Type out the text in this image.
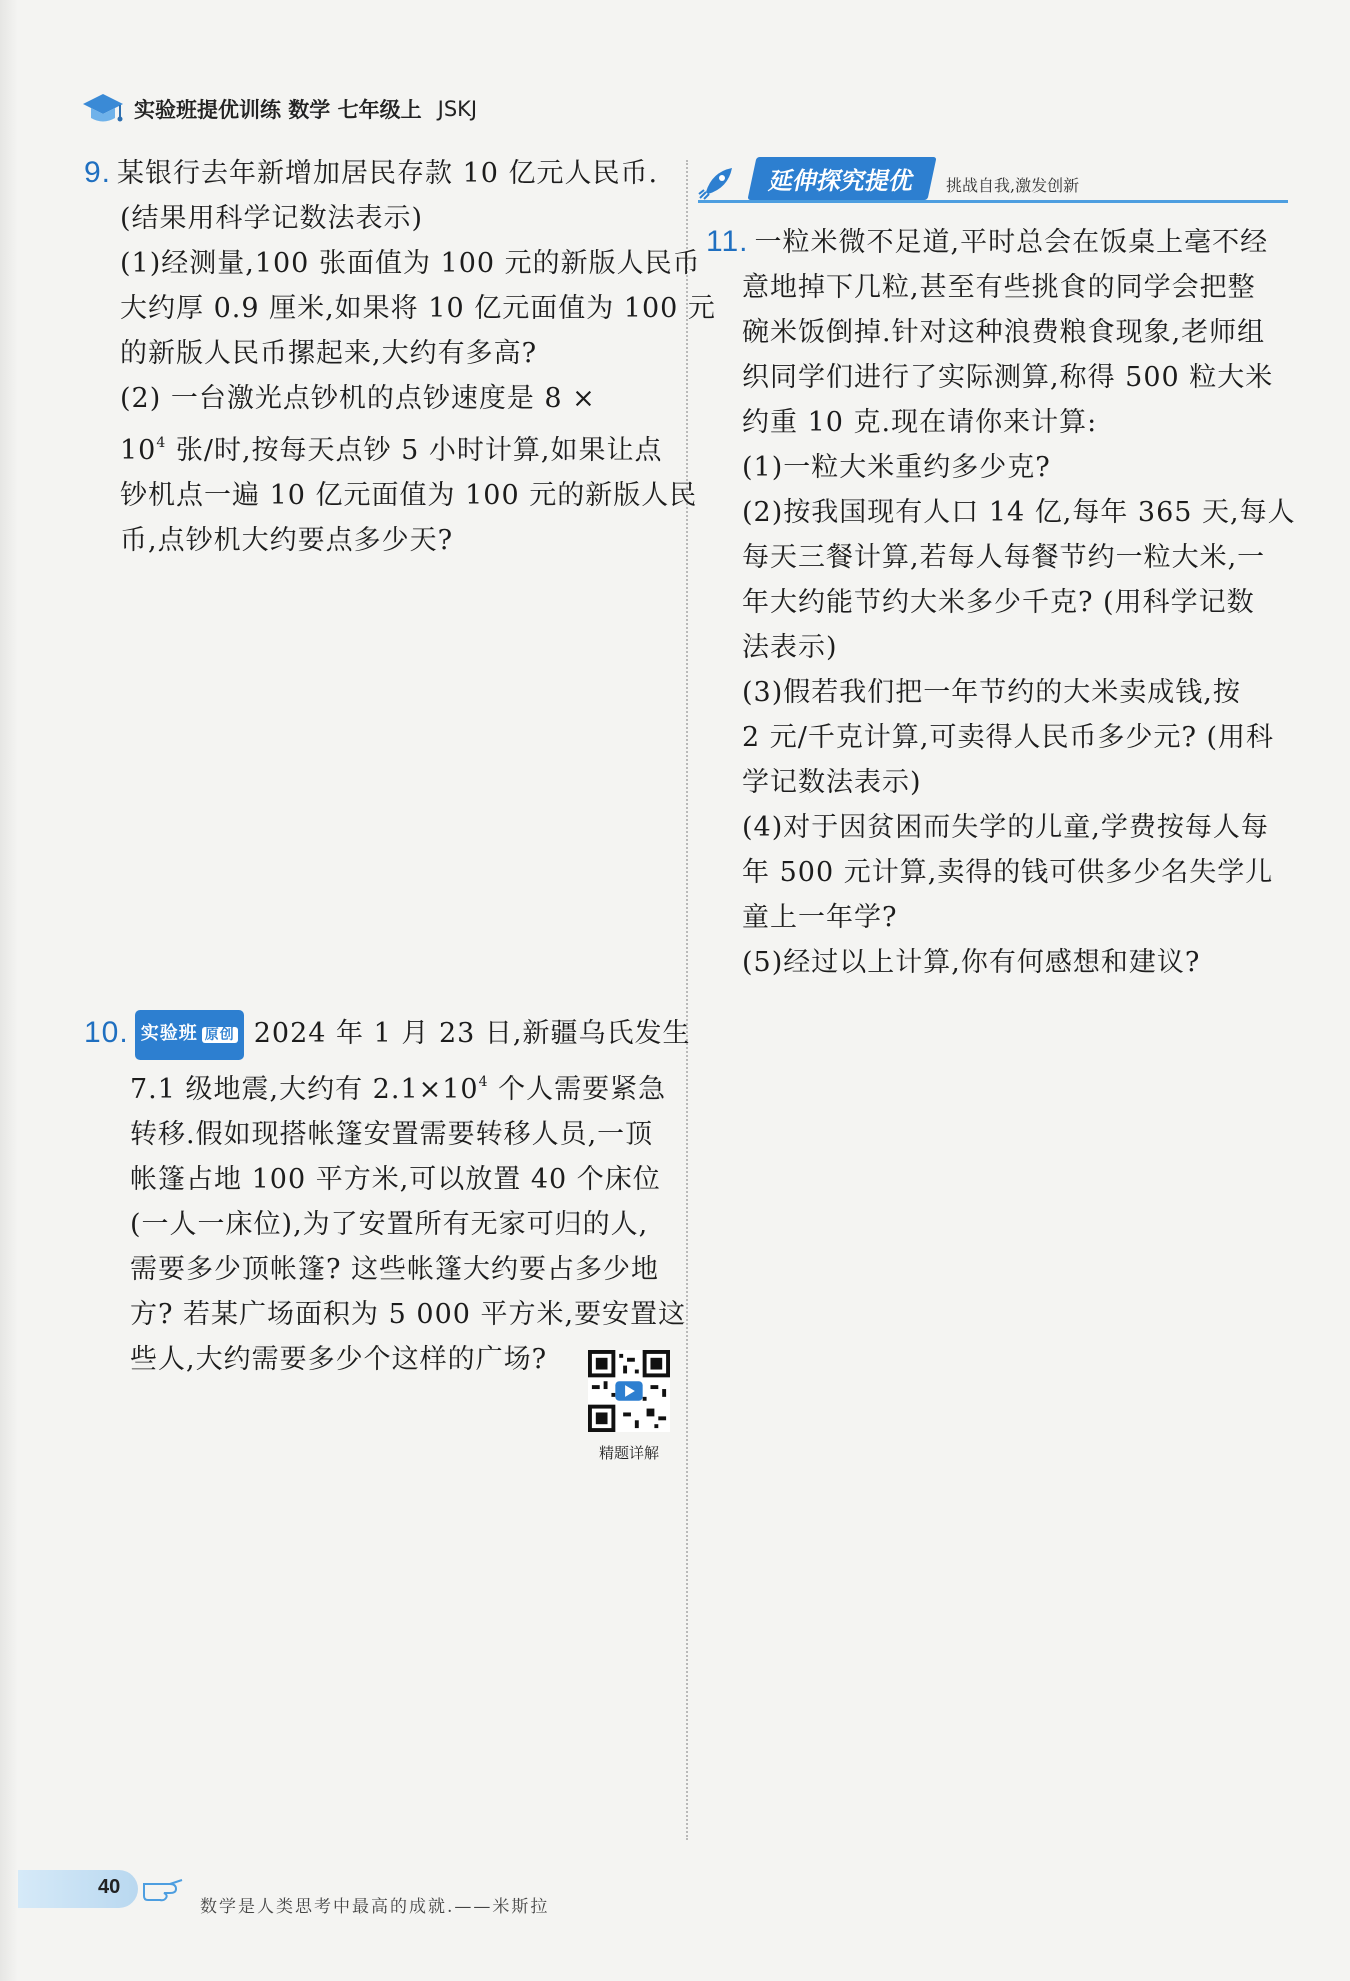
实验班提优训练 数学 七年级上 JSKJ
9. 某银行去年新增加居民存款 10 亿元人民币.
(结果用科学记数法表示)
(1)经测量,100 张面值为 100 元的新版人民币
大约厚 0.9 厘米,如果将 10 亿元面值为 100 元
的新版人民币摞起来,大约有多高?
(2) 一台激光点钞机的点钞速度是 8 ×
$10^4$ 张/时,按每天点钞 5 小时计算,如果让点
钞机点一遍 10 亿元面值为 100 元的新版人民
币,点钞机大约要点多少天?
10. 实验班 原创 2024 年 1 月 23 日,新疆乌氏发生
7.1 级地震,大约有 $2.1\times 10^4$ 个人需要紧急
转移.假如现搭帐篷安置需要转移人员,一顶
帐篷占地 100 平方米,可以放置 40 个床位
(一人一床位),为了安置所有无家可归的人,
需要多少顶帐篷? 这些帐篷大约要占多少地
方? 若某广场面积为 5 000 平方米,要安置这
些人,大约需要多少个这样的广场?
精题详解
延伸探究提优	挑战自我,激发创新
11. 一粒米微不足道,平时总会在饭桌上毫不经
意地掉下几粒,甚至有些挑食的同学会把整
碗米饭倒掉.针对这种浪费粮食现象,老师组
织同学们进行了实际测算,称得 500 粒大米
约重 10 克.现在请你来计算:
(1)一粒大米重约多少克?
(2)按我国现有人口 14 亿,每年 365 天,每人
每天三餐计算,若每人每餐节约一粒大米,一
年大约能节约大米多少千克? (用科学记数
法表示)
(3)假若我们把一年节约的大米卖成钱,按
2 元/千克计算,可卖得人民币多少元? (用科
学记数法表示)
(4)对于因贫困而失学的儿童,学费按每人每
年 500 元计算,卖得的钱可供多少名失学儿
童上一年学?
(5)经过以上计算,你有何感想和建议?
40
数学是人类思考中最高的成就.——米斯拉
